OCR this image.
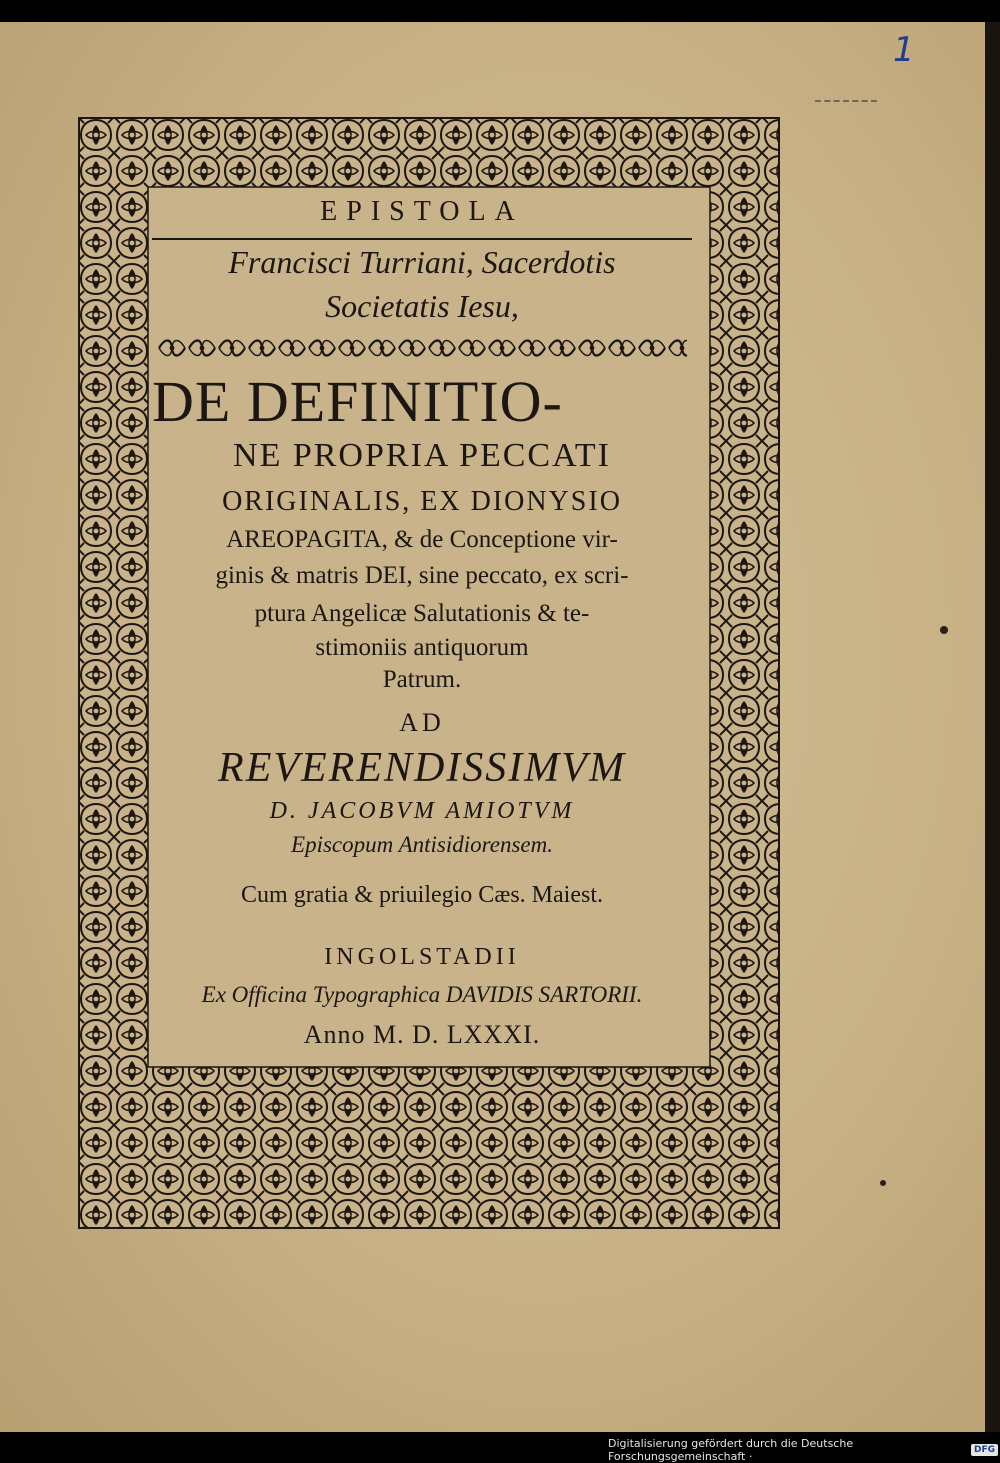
1
EPISTOLA
Francisci Turriani, Sacerdotis
Societatis Iesu,
DE DEFINITIO-
NE PROPRIA PECCATI
ORIGINALIS, EX DIONYSIO
AREOPAGITA, & de Conceptione vir-
ginis & matris DEI, sine peccato, ex scri-
ptura Angelicæ Salutationis & te-
stimoniis antiquorum
Patrum.
AD
REVERENDISSIMVM
D. JACOBVM AMIOTVM
Episcopum Antisidiorensem.
Cum gratia & priuilegio Cæs. Maiest.
INGOLSTADII
Ex Officina Typographica DAVIDIS SARTORII.
Anno M. D. LXXXI.
Digitalisierung gefördert durch die Deutsche Forschungsgemeinschaft ·	DFG
